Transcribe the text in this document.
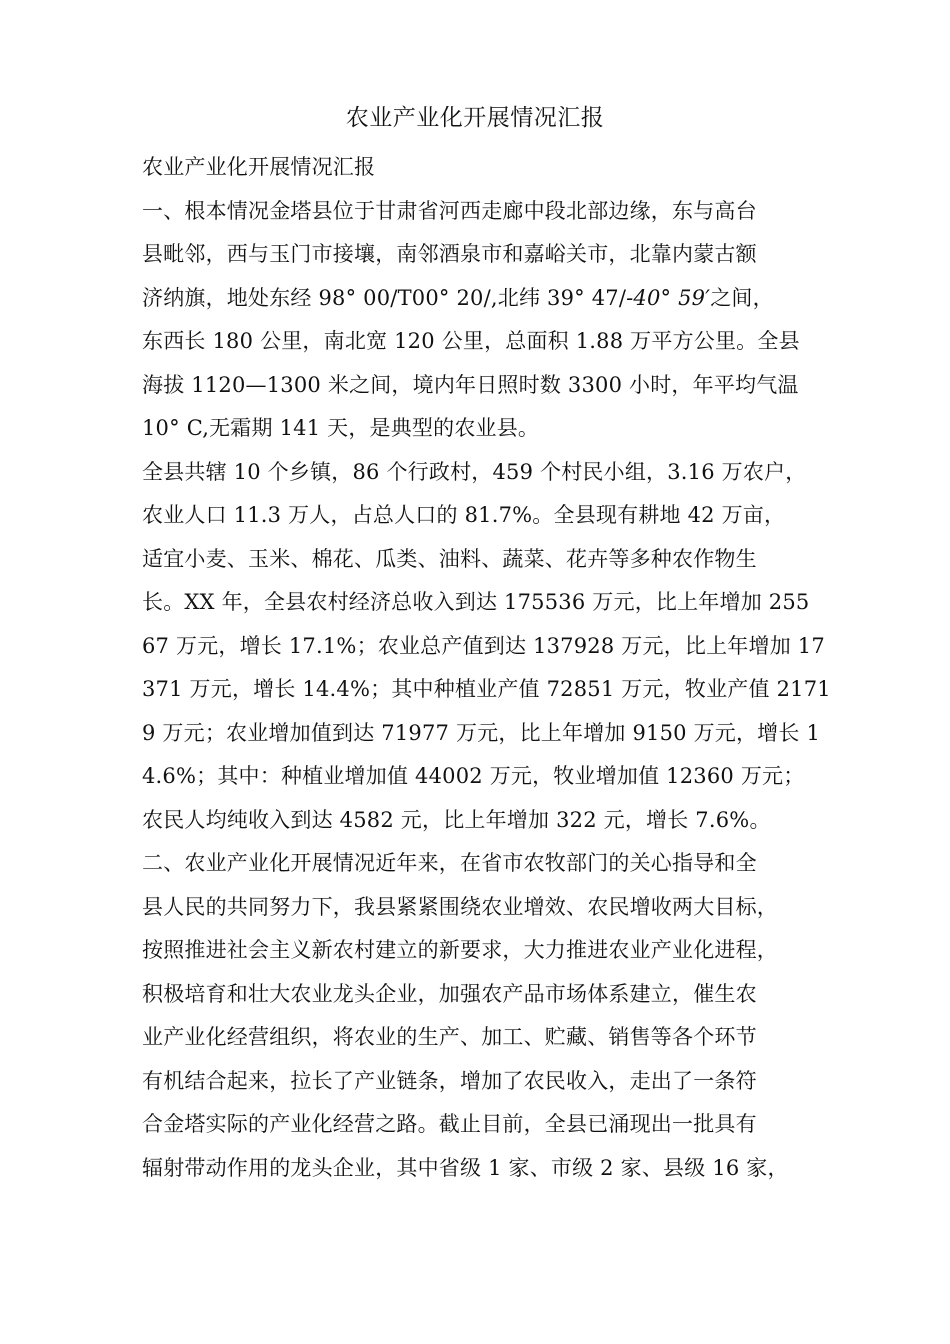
农业产业化开展情况汇报
农业产业化开展情况汇报
一、根本情况金塔县位于甘肃省河西走廊中段北部边缘，东与高台
县毗邻，西与玉门市接壤，南邻酒泉市和嘉峪关市，北靠内蒙古额
济纳旗，地处东经 98° 00/T00° 20/,北纬 39° 47/-40° 59′之间，
东西长 180 公里，南北宽 120 公里，总面积 1.88 万平方公里。全县
海拔 1120—1300 米之间，境内年日照时数 3300 小时，年平均气温
10° C,无霜期 141 天，是典型的农业县。
全县共辖 10 个乡镇，86 个行政村，459 个村民小组，3.16 万农户，
农业人口 11.3 万人，占总人口的 81.7%。全县现有耕地 42 万亩，
适宜小麦、玉米、棉花、瓜类、油料、蔬菜、花卉等多种农作物生
长。XX 年，全县农村经济总收入到达 175536 万元，比上年增加 255
67 万元，增长 17.1%；农业总产值到达 137928 万元，比上年增加 17
371 万元，增长 14.4%；其中种植业产值 72851 万元，牧业产值 2171
9 万元；农业增加值到达 71977 万元，比上年增加 9150 万元，增长 1
4.6%；其中：种植业增加值 44002 万元，牧业增加值 12360 万元；
农民人均纯收入到达 4582 元，比上年增加 322 元，增长 7.6%。
二、农业产业化开展情况近年来，在省市农牧部门的关心指导和全
县人民的共同努力下，我县紧紧围绕农业增效、农民增收两大目标，
按照推进社会主义新农村建立的新要求，大力推进农业产业化进程，
积极培育和壮大农业龙头企业，加强农产品市场体系建立，催生农
业产业化经营组织，将农业的生产、加工、贮藏、销售等各个环节
有机结合起来，拉长了产业链条，增加了农民收入，走出了一条符
合金塔实际的产业化经营之路。截止目前，全县已涌现出一批具有
辐射带动作用的龙头企业，其中省级 1 家、市级 2 家、县级 16 家，
